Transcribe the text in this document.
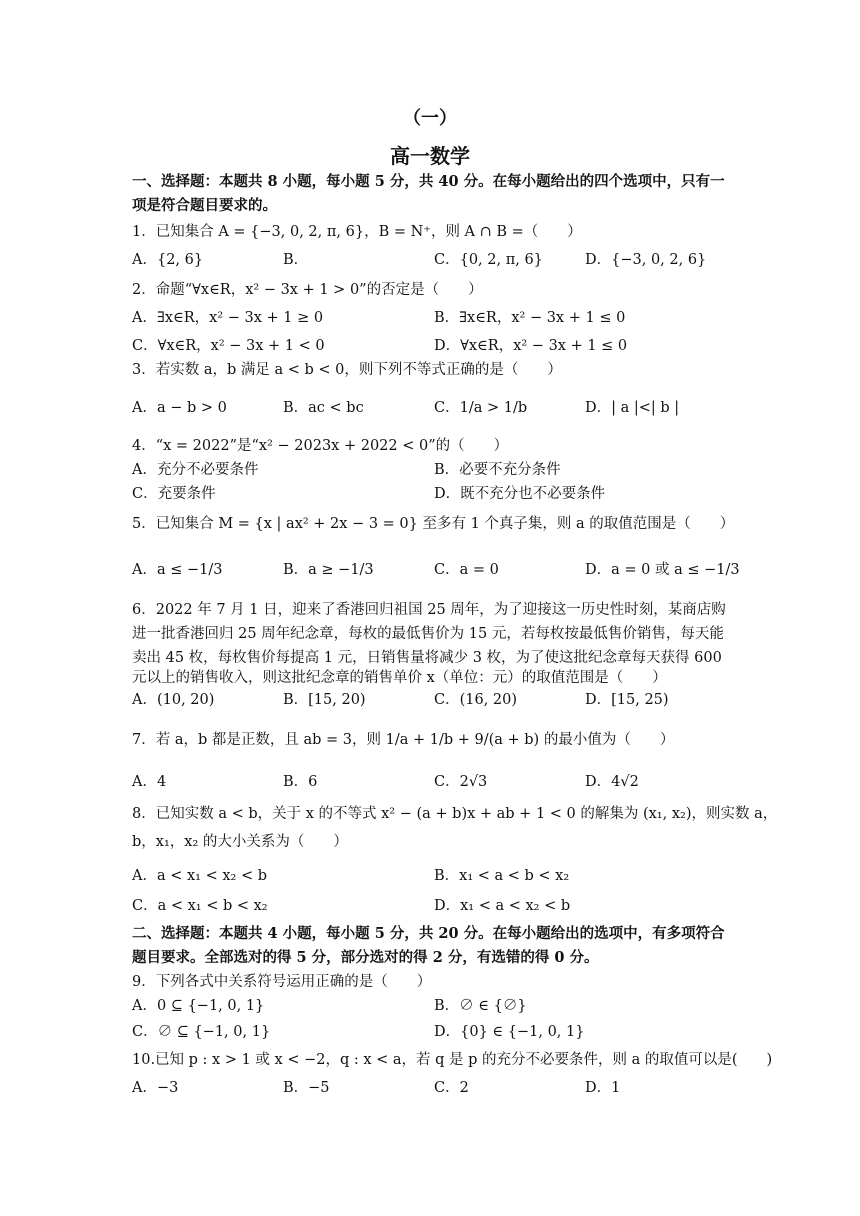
（一）
高一数学
一、选择题：本题共 8 小题，每小题 5 分，共 40 分。在每小题给出的四个选项中，只有一
项是符合题目要求的。
1．已知集合 A = {−3, 0, 2, π, 6}，B = N⁺，则 A ∩ B =（　　）
A．{2, 6}	B．	C．{0, 2, π, 6}	D．{−3, 0, 2, 6}
2．命题“∀x∈R，x² − 3x + 1 > 0”的否定是（　　）
A．∃x∈R，x² − 3x + 1 ≥ 0	B．∃x∈R，x² − 3x + 1 ≤ 0
C．∀x∈R，x² − 3x + 1 < 0	D．∀x∈R，x² − 3x + 1 ≤ 0
3．若实数 a，b 满足 a < b < 0，则下列不等式正确的是（　　）
A．a − b > 0	B．ac < bc	C．1/a > 1/b	D．| a |<| b |
4．“x = 2022”是“x² − 2023x + 2022 < 0”的（　　）
A．充分不必要条件	B．必要不充分条件
C．充要条件	D．既不充分也不必要条件
5．已知集合 M = {x | ax² + 2x − 3 = 0} 至多有 1 个真子集，则 a 的取值范围是（　　）
A．a ≤ −1/3	B．a ≥ −1/3	C．a = 0	D．a = 0 或 a ≤ −1/3
6．2022 年 7 月 1 日，迎来了香港回归祖国 25 周年，为了迎接这一历史性时刻，某商店购
进一批香港回归 25 周年纪念章，每枚的最低售价为 15 元，若每枚按最低售价销售，每天能
卖出 45 枚，每枚售价每提高 1 元，日销售量将减少 3 枚，为了使这批纪念章每天获得 600
元以上的销售收入，则这批纪念章的销售单价 x（单位：元）的取值范围是（　　）
A．(10, 20)	B．[15, 20)	C．(16, 20)	D．[15, 25)
7．若 a，b 都是正数，且 ab = 3，则 1/a + 1/b + 9/(a + b) 的最小值为（　　）
A．4	B．6	C．2√3	D．4√2
8．已知实数 a < b，关于 x 的不等式 x² − (a + b)x + ab + 1 < 0 的解集为 (x₁, x₂)，则实数 a，
b，x₁，x₂ 的大小关系为（　　）
A．a < x₁ < x₂ < b	B．x₁ < a < b < x₂
C．a < x₁ < b < x₂	D．x₁ < a < x₂ < b
二、选择题：本题共 4 小题，每小题 5 分，共 20 分。在每小题给出的选项中，有多项符合
题目要求。全部选对的得 5 分，部分选对的得 2 分，有选错的得 0 分。
9．下列各式中关系符号运用正确的是（　　）
A．0 ⊆ {−1, 0, 1}	B．∅ ∈ {∅}
C．∅ ⊆ {−1, 0, 1}	D．{0} ∈ {−1, 0, 1}
10.已知 p : x > 1 或 x < −2，q : x < a，若 q 是 p 的充分不必要条件，则 a 的取值可以是(　　)
A．−3	B．−5	C．2	D．1
